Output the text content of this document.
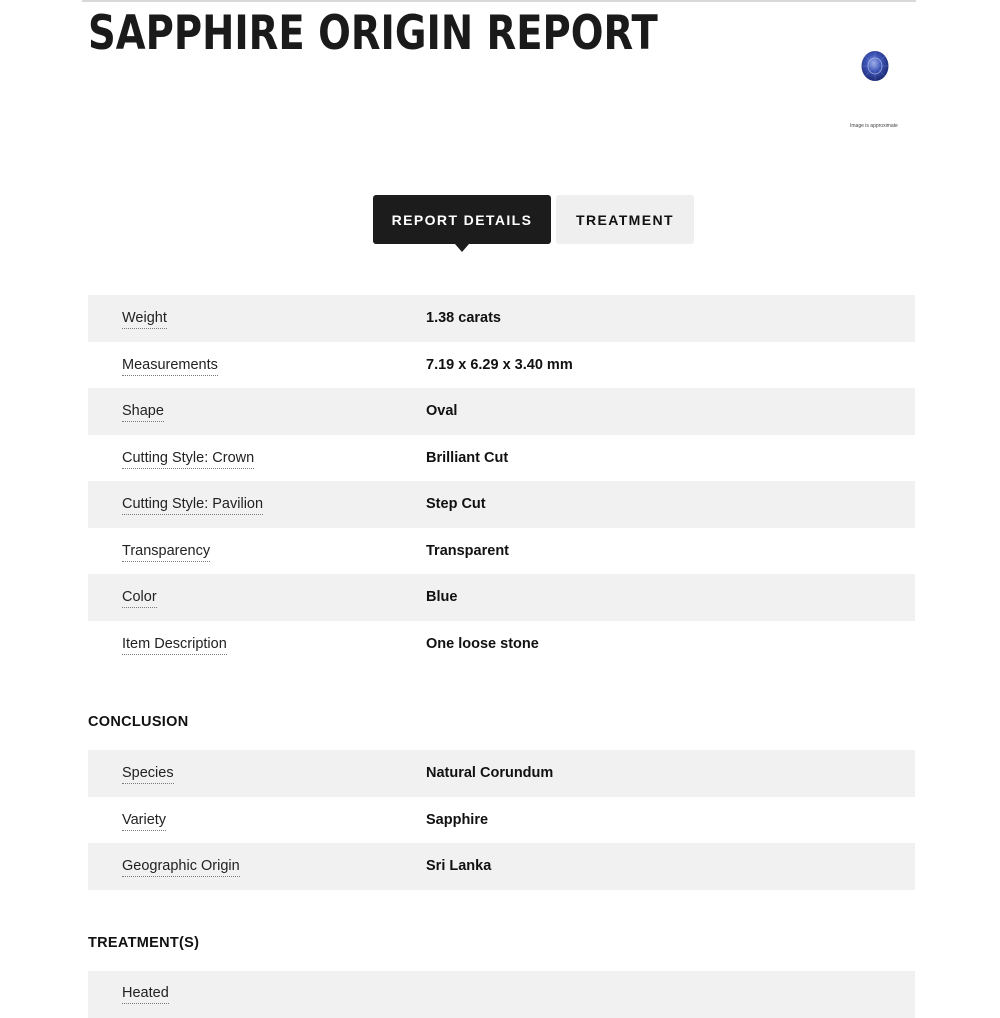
SAPPHIRE ORIGIN REPORT
Image is approximate
REPORT DETAILS	TREATMENT
Weight	1.38 carats
Measurements	7.19 x 6.29 x 3.40 mm
Shape	Oval
Cutting Style: Crown	Brilliant Cut
Cutting Style: Pavilion	Step Cut
Transparency	Transparent
Color	Blue
Item Description	One loose stone
CONCLUSION
Species	Natural Corundum
Variety	Sapphire
Geographic Origin	Sri Lanka
TREATMENT(S)
Heated
